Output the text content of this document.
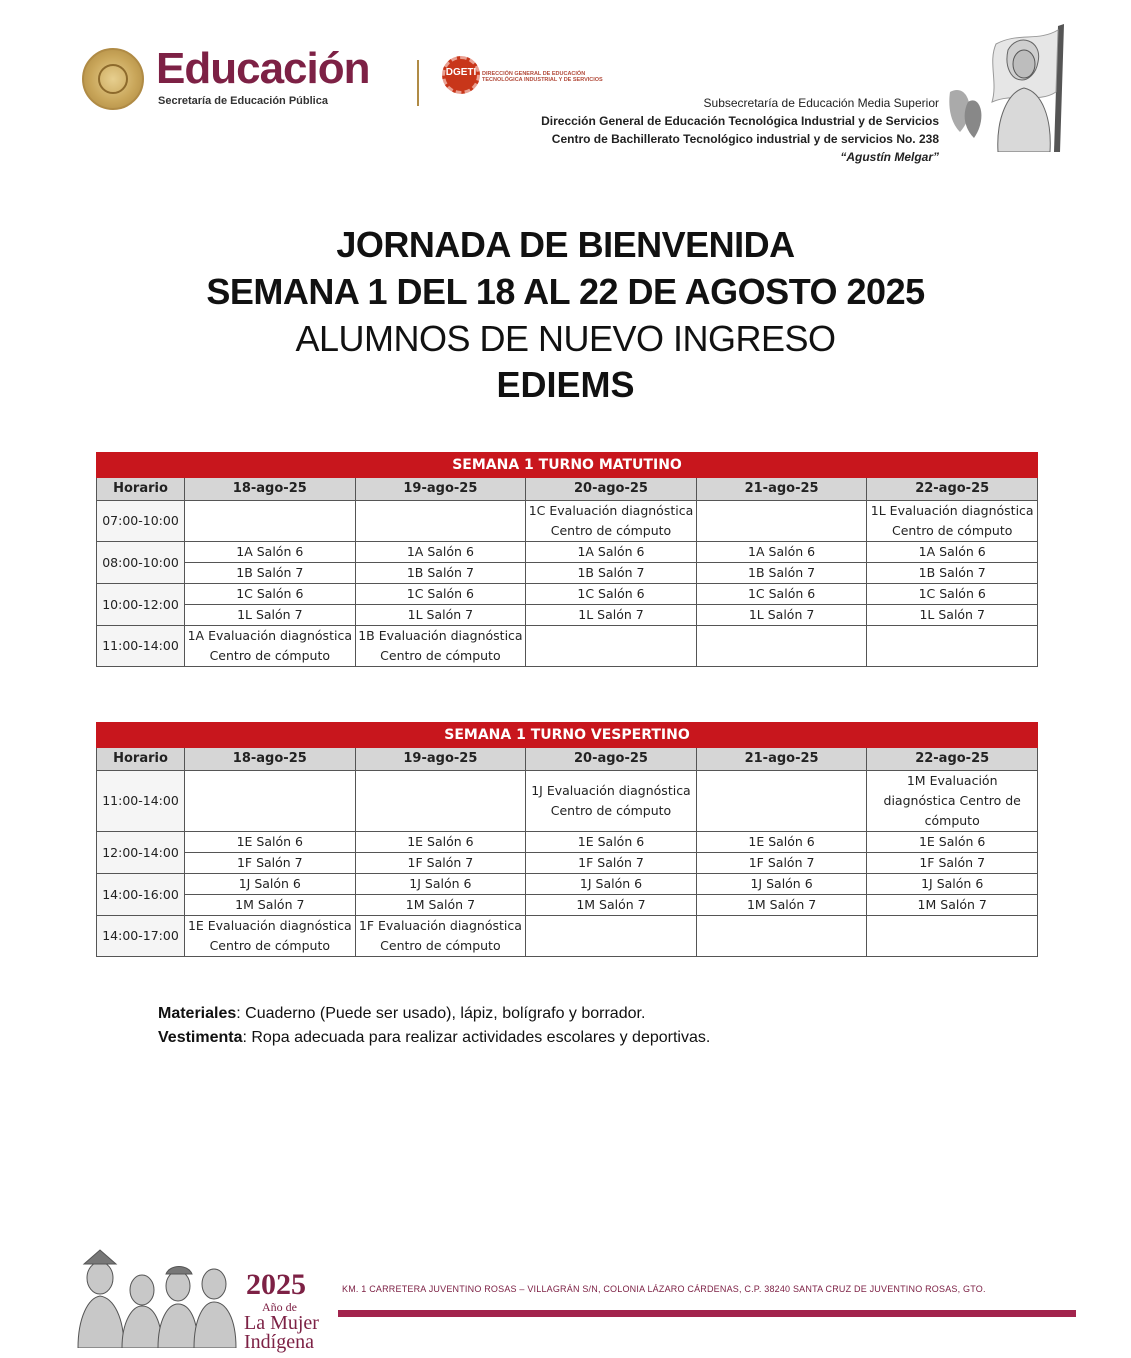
Educación
Secretaría de Educación Pública
DGETI DIRECCIÓN GENERAL DE EDUCACIÓN TECNOLÓGICA INDUSTRIAL Y DE SERVICIOS
Subsecretaría de Educación Media Superior
Dirección General de Educación Tecnológica Industrial y de Servicios
Centro de Bachillerato Tecnológico industrial y de servicios No. 238
“Agustín Melgar”
JORNADA DE BIENVENIDA
SEMANA 1 DEL 18 AL 22 DE AGOSTO 2025
ALUMNOS DE NUEVO INGRESO
EDIEMS
SEMANA 1 TURNO MATUTINO					
Horario	18-ago-25	19-ago-25	20-ago-25	21-ago-25	22-ago-25
07:00-10:00			1C Evaluación diagnóstica Centro de cómputo		1L Evaluación diagnóstica Centro de cómputo
08:00-10:00	1A Salón 6	1A Salón 6	1A Salón 6	1A Salón 6	1A Salón 6
	1B Salón 7	1B Salón 7	1B Salón 7	1B Salón 7	1B Salón 7
10:00-12:00	1C Salón 6	1C Salón 6	1C Salón 6	1C Salón 6	1C Salón 6
	1L Salón 7	1L Salón 7	1L Salón 7	1L Salón 7	1L Salón 7
11:00-14:00	1A Evaluación diagnóstica Centro de cómputo	1B Evaluación diagnóstica Centro de cómputo			
SEMANA 1 TURNO VESPERTINO					
Horario	18-ago-25	19-ago-25	20-ago-25	21-ago-25	22-ago-25
11:00-14:00			1J Evaluación diagnóstica Centro de cómputo		1M Evaluación diagnóstica Centro de cómputo
12:00-14:00	1E Salón 6	1E Salón 6	1E Salón 6	1E Salón 6	1E Salón 6
	1F Salón 7	1F Salón 7	1F Salón 7	1F Salón 7	1F Salón 7
14:00-16:00	1J Salón 6	1J Salón 6	1J Salón 6	1J Salón 6	1J Salón 6
	1M Salón 7	1M Salón 7	1M Salón 7	1M Salón 7	1M Salón 7
14:00-17:00	1E Evaluación diagnóstica Centro de cómputo	1F Evaluación diagnóstica Centro de cómputo			
Materiales: Cuaderno (Puede ser usado), lápiz, bolígrafo y borrador.
Vestimenta: Ropa adecuada para realizar actividades escolares y deportivas.
2025
Año de
La Mujer
Indígena
KM. 1 CARRETERA JUVENTINO ROSAS – VILLAGRÁN S/N, COLONIA LÁZARO CÁRDENAS, C.P. 38240 SANTA CRUZ DE JUVENTINO ROSAS, GTO.
